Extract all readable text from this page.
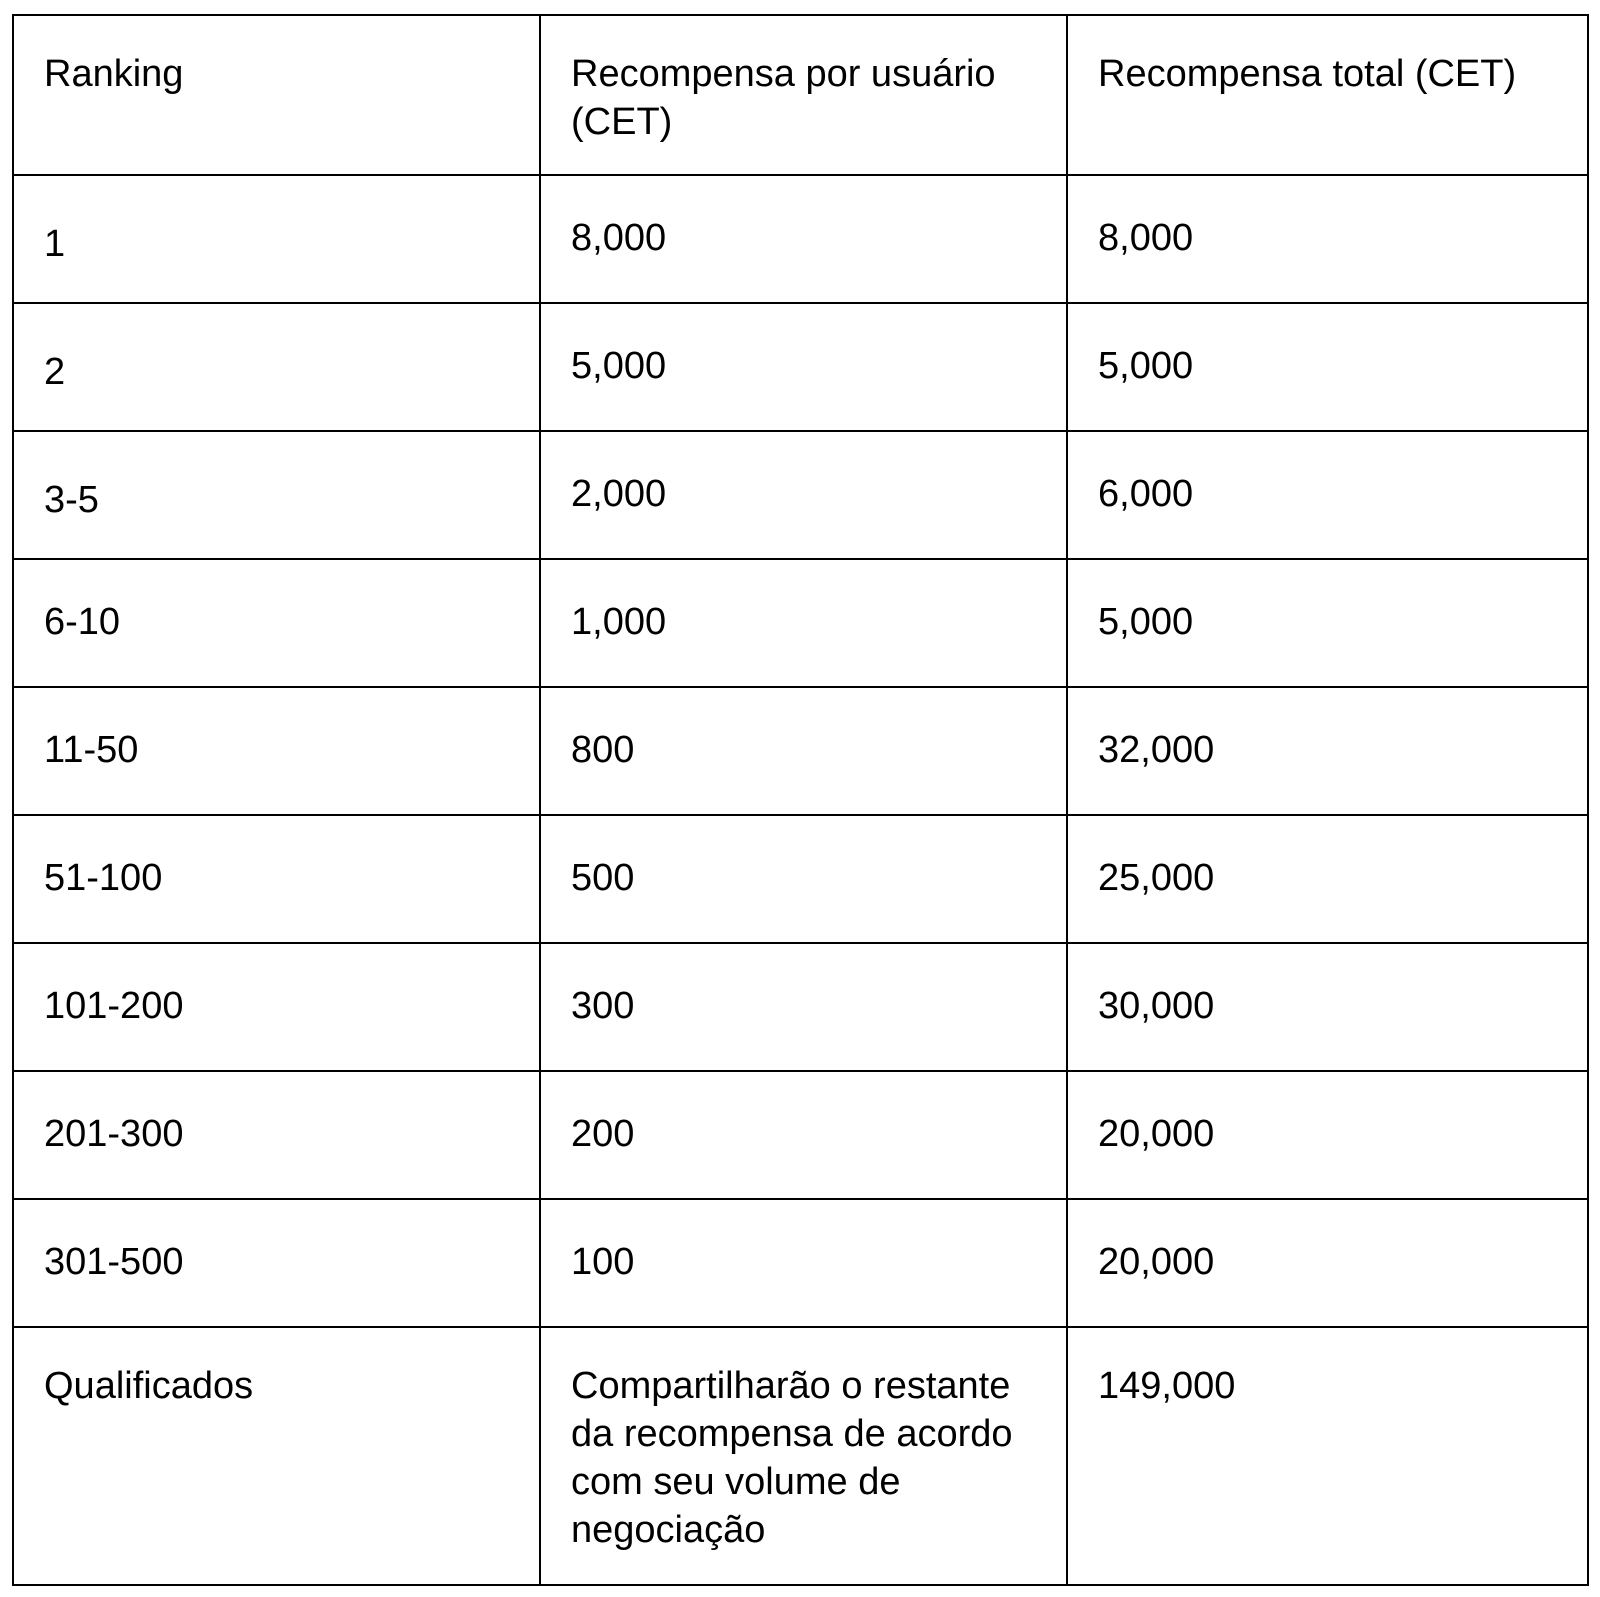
Ranking	Recompensa por usuário (CET)	Recompensa total (CET)
1	8,000	8,000
2	5,000	5,000
3-5	2,000	6,000
6-10	1,000	5,000
11-50	800	32,000
51-100	500	25,000
101-200	300	30,000
201-300	200	20,000
301-500	100	20,000
Qualificados	Compartilharão o restante da recompensa de acordo com seu volume de negociação	149,000
